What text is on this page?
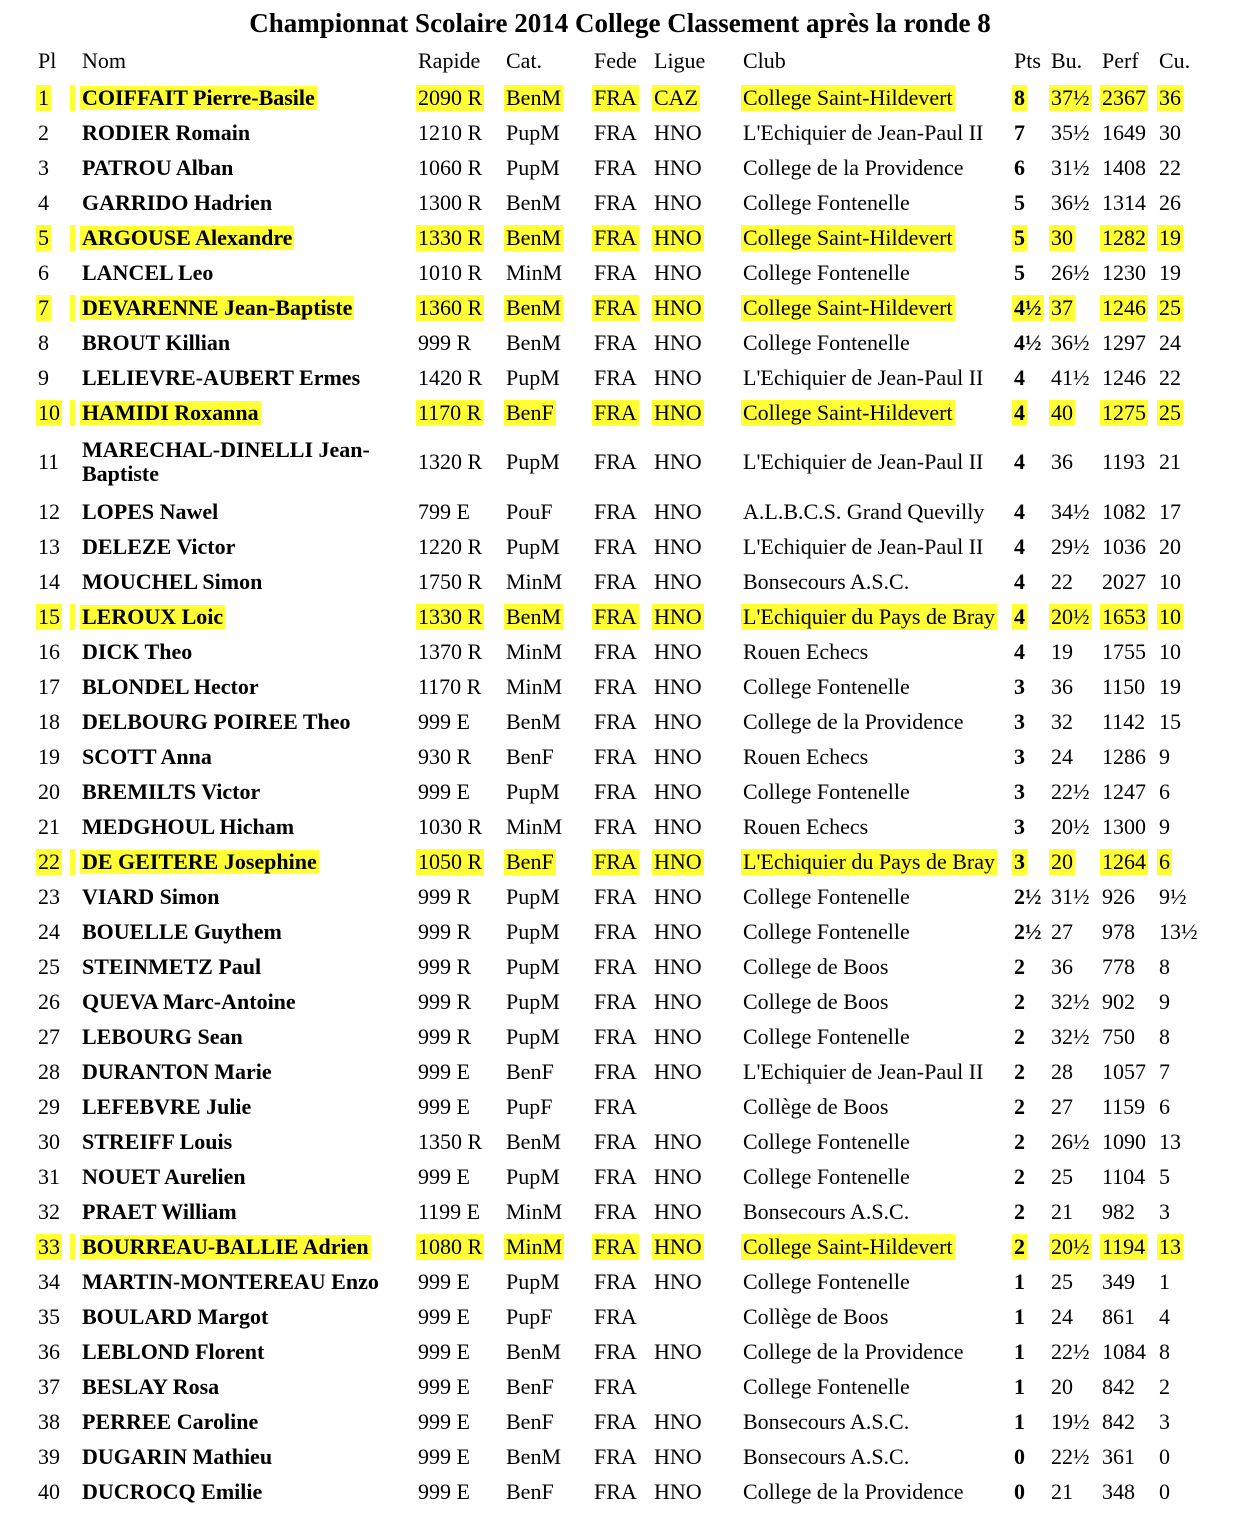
Championnat Scolaire 2014 College Classement après la ronde 8
Pl Nom	Rapide Cat. Fede Ligue Club	Pts Bu. Perf Cu.
1 COIFFAIT Pierre-Basile	2090 R BenM FRA CAZ College Saint-Hildevert	8 37½ 2367 36
2 RODIER Romain	1210 R PupM FRA HNO L'Echiquier de Jean-Paul II 7 35½ 1649 30
3 PATROU Alban	1060 R PupM FRA HNO College de la Providence 6 31½ 1408 22
4 GARRIDO Hadrien	1300 R BenM FRA HNO College Fontenelle	5 36½ 1314 26
5 ARGOUSE Alexandre	1330 R BenM FRA HNO College Saint-Hildevert	5 30 1282 19
6 LANCEL Leo	1010 R MinM FRA HNO College Fontenelle	5 26½ 1230 19
7 DEVARENNE Jean-Baptiste	1360 R BenM FRA HNO College Saint-Hildevert	4½ 37 1246 25
8 BROUT Killian	999 R BenM FRA HNO College Fontenelle	4½ 36½ 1297 24
9 LELIEVRE-AUBERT Ermes	1420 R PupM FRA HNO L'Echiquier de Jean-Paul II 4 41½ 1246 22
10 HAMIDI Roxanna	1170 R BenF FRA HNO College Saint-Hildevert	4 40 1275 25
11 MARECHAL-DINELLI Jean-Baptiste	1320 R PupM FRA HNO L'Echiquier de Jean-Paul II 4 36 1193 21
12 LOPES Nawel	799 E PouF FRA HNO A.L.B.C.S. Grand Quevilly 4 34½ 1082 17
13 DELEZE Victor	1220 R PupM FRA HNO L'Echiquier de Jean-Paul II 4 29½ 1036 20
14 MOUCHEL Simon	1750 R MinM FRA HNO Bonsecours A.S.C.	4 22 2027 10
15 LEROUX Loic	1330 R BenM FRA HNO L'Echiquier du Pays de Bray 4 20½ 1653 10
16 DICK Theo	1370 R MinM FRA HNO Rouen Echecs	4 19 1755 10
17 BLONDEL Hector	1170 R MinM FRA HNO College Fontenelle	3 36 1150 19
18 DELBOURG POIREE Theo	999 E BenM FRA HNO College de la Providence 3 32 1142 15
19 SCOTT Anna	930 R BenF FRA HNO Rouen Echecs	3 24 1286 9
20 BREMILTS Victor	999 E PupM FRA HNO College Fontenelle	3 22½ 1247 6
21 MEDGHOUL Hicham	1030 R MinM FRA HNO Rouen Echecs	3 20½ 1300 9
22 DE GEITERE Josephine	1050 R BenF FRA HNO L'Echiquier du Pays de Bray 3 20 1264 6
23 VIARD Simon	999 R PupM FRA HNO College Fontenelle	2½ 31½ 926 9½
24 BOUELLE Guythem	999 R PupM FRA HNO College Fontenelle	2½ 27 978 13½
25 STEINMETZ Paul	999 R PupM FRA HNO College de Boos	2 36 778 8
26 QUEVA Marc-Antoine	999 R PupM FRA HNO College de Boos	2 32½ 902 9
27 LEBOURG Sean	999 R PupM FRA HNO College Fontenelle	2 32½ 750 8
28 DURANTON Marie	999 E BenF FRA HNO L'Echiquier de Jean-Paul II 2 28 1057 7
29 LEFEBVRE Julie	999 E PupF FRA	Collège de Boos	2 27 1159 6
30 STREIFF Louis	1350 R BenM FRA HNO College Fontenelle	2 26½ 1090 13
31 NOUET Aurelien	999 E PupM FRA HNO College Fontenelle	2 25 1104 5
32 PRAET William	1199 E MinM FRA HNO Bonsecours A.S.C.	2 21 982 3
33 BOURREAU-BALLIE Adrien 1080 R MinM FRA HNO College Saint-Hildevert	2 20½ 1194 13
34 MARTIN-MONTEREAU Enzo 999 E PupM FRA HNO College Fontenelle	1 25 349 1
35 BOULARD Margot	999 E PupF FRA	Collège de Boos	1 24 861 4
36 LEBLOND Florent	999 E BenM FRA HNO College de la Providence 1 22½ 1084 8
37 BESLAY Rosa	999 E BenF FRA	College Fontenelle	1 20 842 2
38 PERREE Caroline	999 E BenF FRA HNO Bonsecours A.S.C.	1 19½ 842 3
39 DUGARIN Mathieu	999 E BenM FRA HNO Bonsecours A.S.C.	0 22½ 361 0
40 DUCROCQ Emilie	999 E BenF FRA HNO College de la Providence 0 21 348 0
